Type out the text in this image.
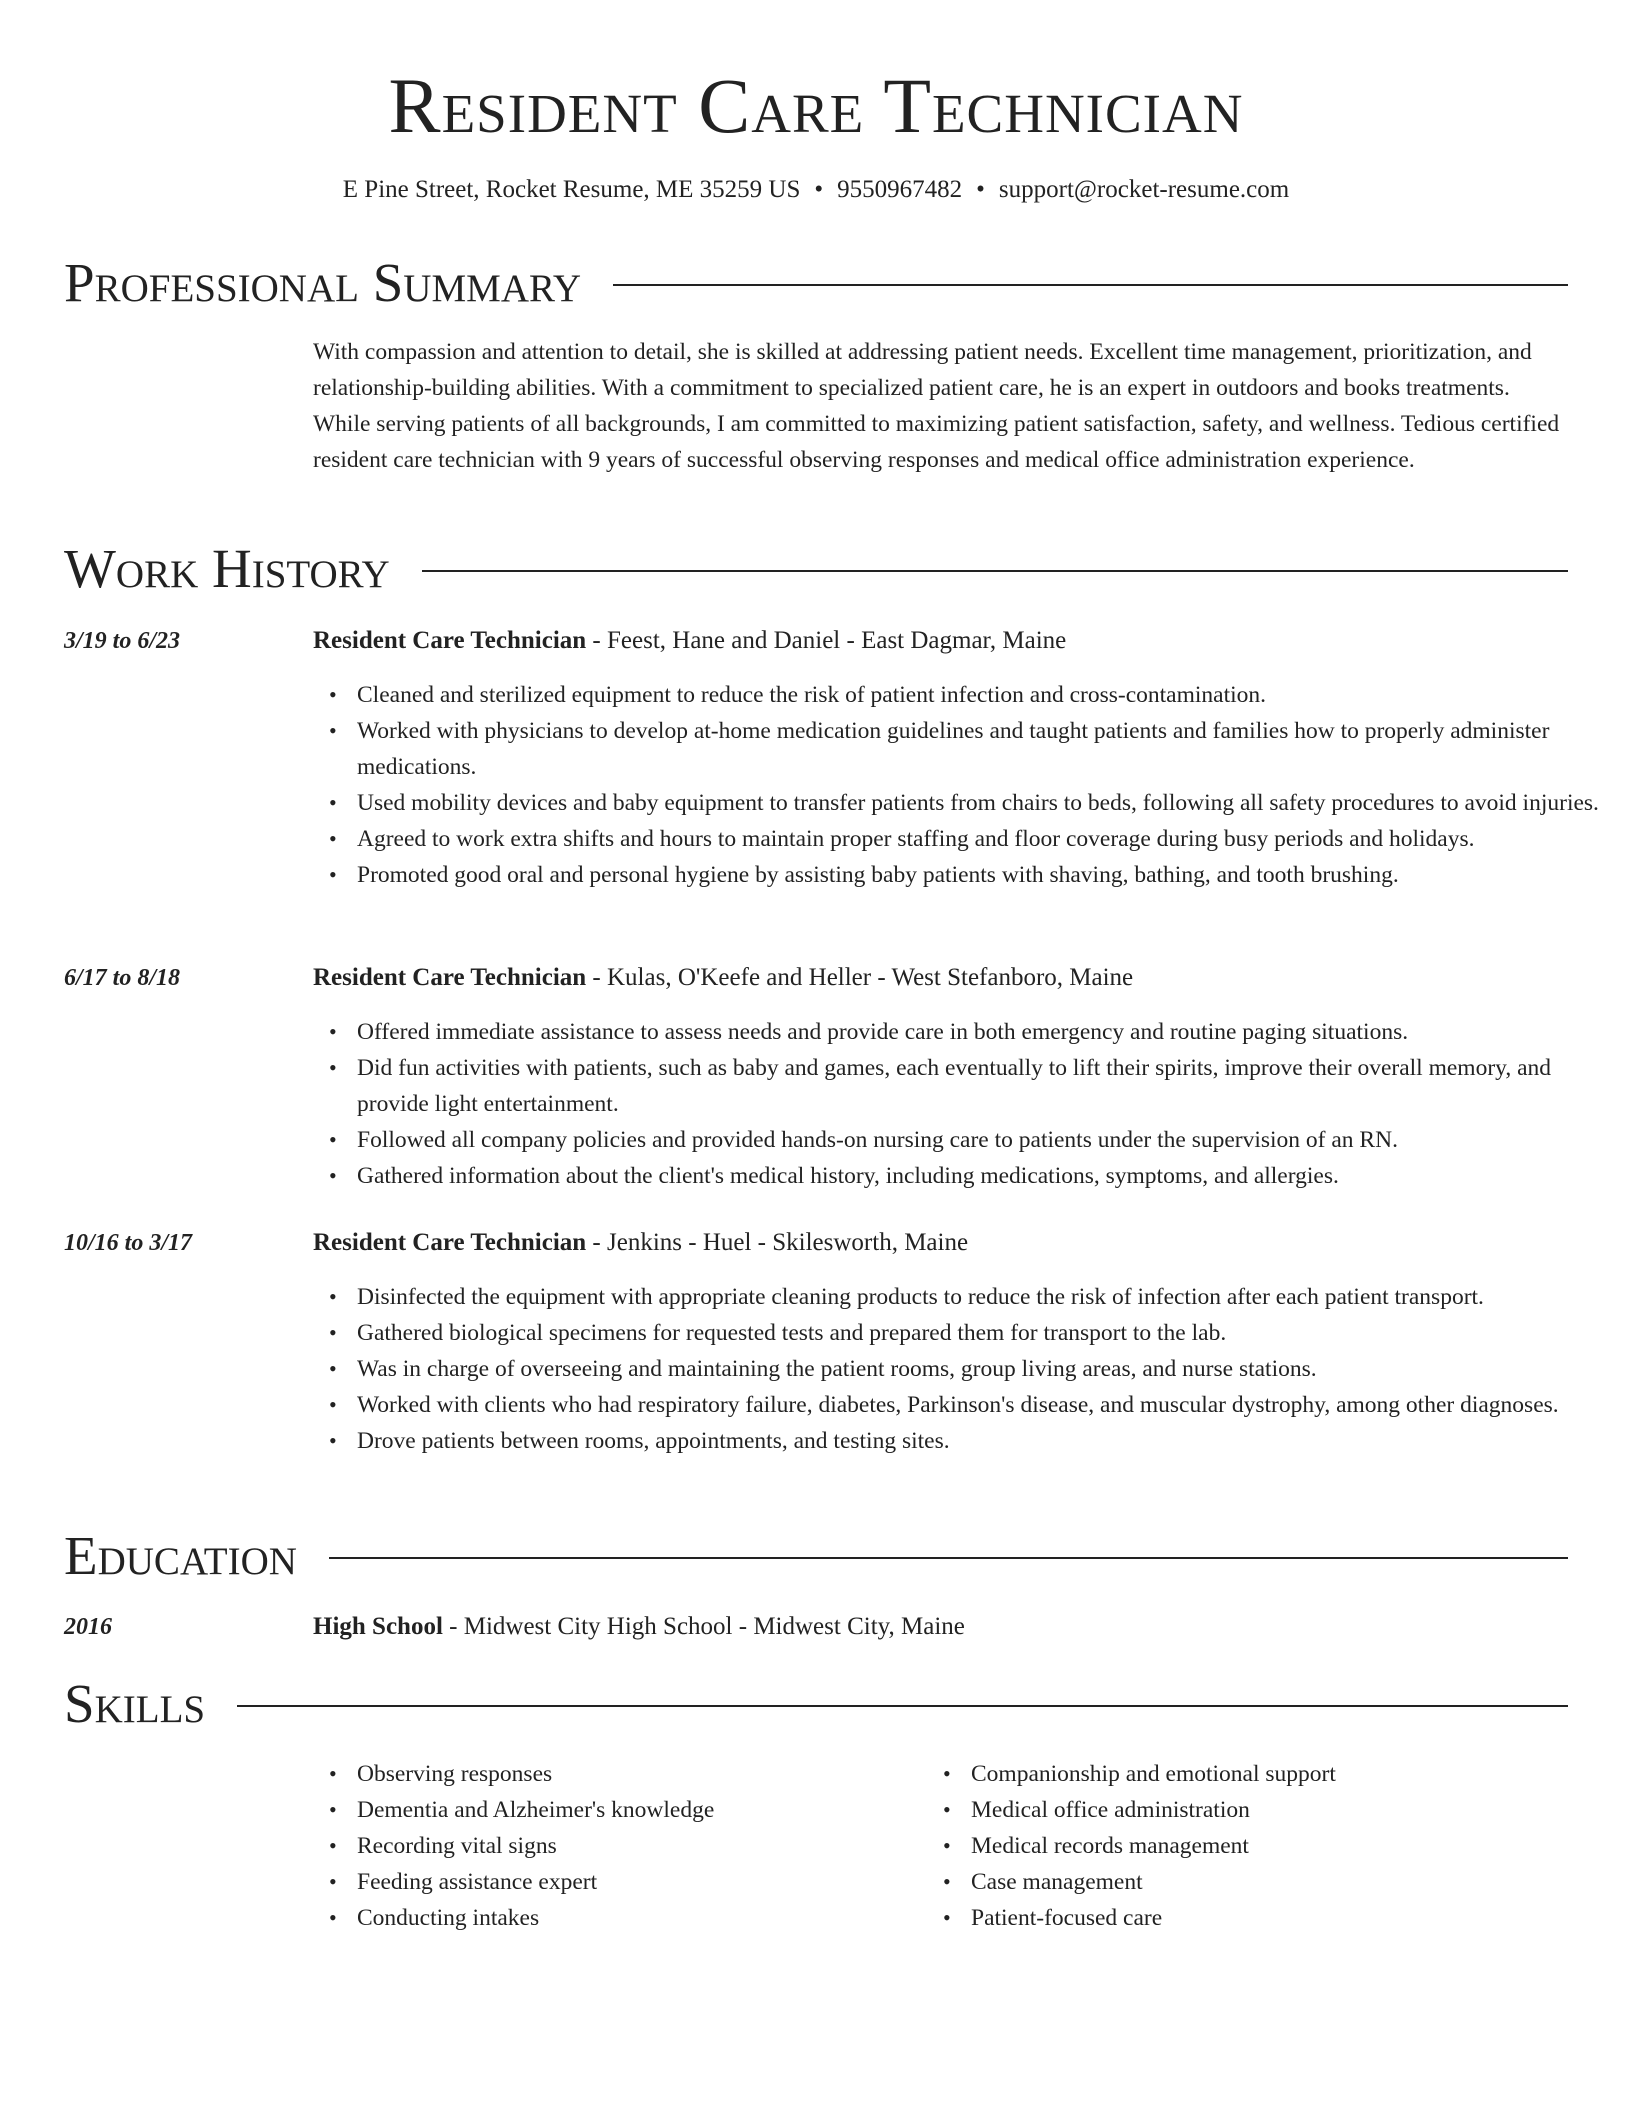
Resident Care Technician
E Pine Street, Rocket Resume, ME 35259 US • 9550967482 • support@rocket-resume.com
Professional Summary

With compassion and attention to detail, she is skilled at addressing patient needs. Excellent time management, prioritization, and relationship-building abilities. With a commitment to specialized patient care, he is an expert in outdoors and books treatments. While serving patients of all backgrounds, I am committed to maximizing patient satisfaction, safety, and wellness. Tedious certified resident care technician with 9 years of successful observing responses and medical office administration experience.

Work History
3/19 to 6/23	Resident Care Technician - Feest, Hane and Daniel - East Dagmar, Maine
• Cleaned and sterilized equipment to reduce the risk of patient infection and cross-contamination.
• Worked with physicians to develop at-home medication guidelines and taught patients and families how to properly administer medications.
• Used mobility devices and baby equipment to transfer patients from chairs to beds, following all safety procedures to avoid injuries.
• Agreed to work extra shifts and hours to maintain proper staffing and floor coverage during busy periods and holidays.
• Promoted good oral and personal hygiene by assisting baby patients with shaving, bathing, and tooth brushing.
6/17 to 8/18	Resident Care Technician - Kulas, O'Keefe and Heller - West Stefanboro, Maine
• Offered immediate assistance to assess needs and provide care in both emergency and routine paging situations.
• Did fun activities with patients, such as baby and games, each eventually to lift their spirits, improve their overall memory, and provide light entertainment.
• Followed all company policies and provided hands-on nursing care to patients under the supervision of an RN.
• Gathered information about the client's medical history, including medications, symptoms, and allergies.
10/16 to 3/17	Resident Care Technician - Jenkins - Huel - Skilesworth, Maine
• Disinfected the equipment with appropriate cleaning products to reduce the risk of infection after each patient transport.
• Gathered biological specimens for requested tests and prepared them for transport to the lab.
• Was in charge of overseeing and maintaining the patient rooms, group living areas, and nurse stations.
• Worked with clients who had respiratory failure, diabetes, Parkinson's disease, and muscular dystrophy, among other diagnoses.
• Drove patients between rooms, appointments, and testing sites.
Education
2016	High School - Midwest City High School - Midwest City, Maine
Skills
• Observing responses
• Dementia and Alzheimer's knowledge
• Recording vital signs
• Feeding assistance expert
• Conducting intakes
• Companionship and emotional support
• Medical office administration
• Medical records management
• Case management
• Patient-focused care
